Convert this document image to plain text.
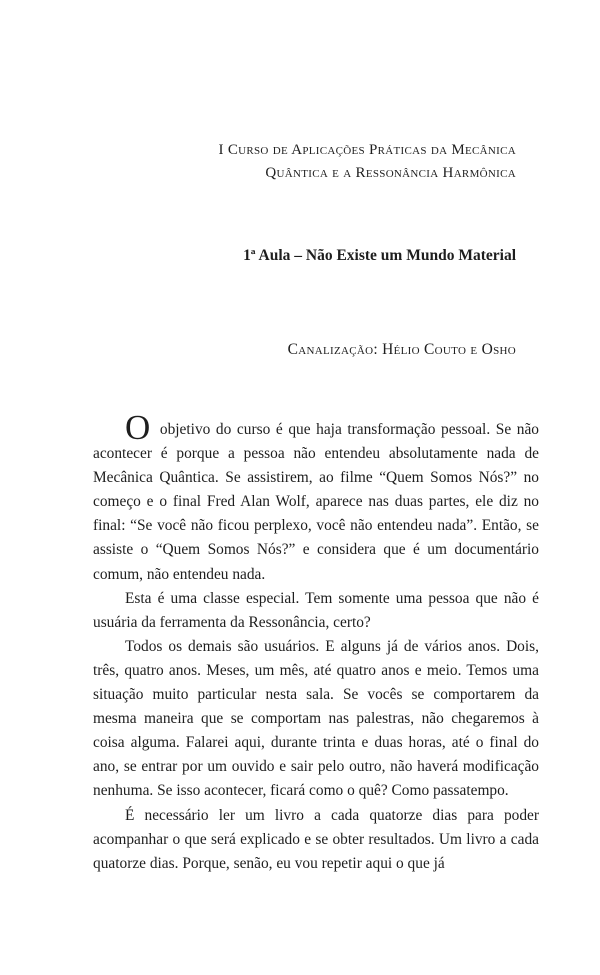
I Curso de Aplicações Práticas da Mecânica
Quântica e a Ressonância Harmônica
1ª Aula – Não Existe um Mundo Material
Canalização: Hélio Couto e Osho

O objetivo do curso é que haja transformação pessoal. Se não acontecer é porque a pessoa não entendeu absolutamente nada de Mecânica Quântica. Se assistirem, ao filme “Quem Somos Nós?” no começo e o final Fred Alan Wolf, aparece nas duas partes, ele diz no final: “Se você não ficou perplexo, você não entendeu nada”. Então, se assiste o “Quem Somos Nós?” e considera que é um documentário comum, não entendeu nada.

Esta é uma classe especial. Tem somente uma pessoa que não é usuária da ferramenta da Ressonância, certo?

Todos os demais são usuários. E alguns já de vários anos. Dois, três, quatro anos. Meses, um mês, até quatro anos e meio. Temos uma situação muito particular nesta sala. Se vocês se comportarem da mesma maneira que se comportam nas palestras, não chegaremos à coisa alguma. Falarei aqui, durante trinta e duas horas, até o final do ano, se entrar por um ouvido e sair pelo outro, não haverá modificação nenhuma. Se isso acontecer, ficará como o quê? Como passatempo.

É necessário ler um livro a cada quatorze dias para poder acompanhar o que será explicado e se obter resultados. Um livro a cada quatorze dias. Porque, senão, eu vou repetir aqui o que já
